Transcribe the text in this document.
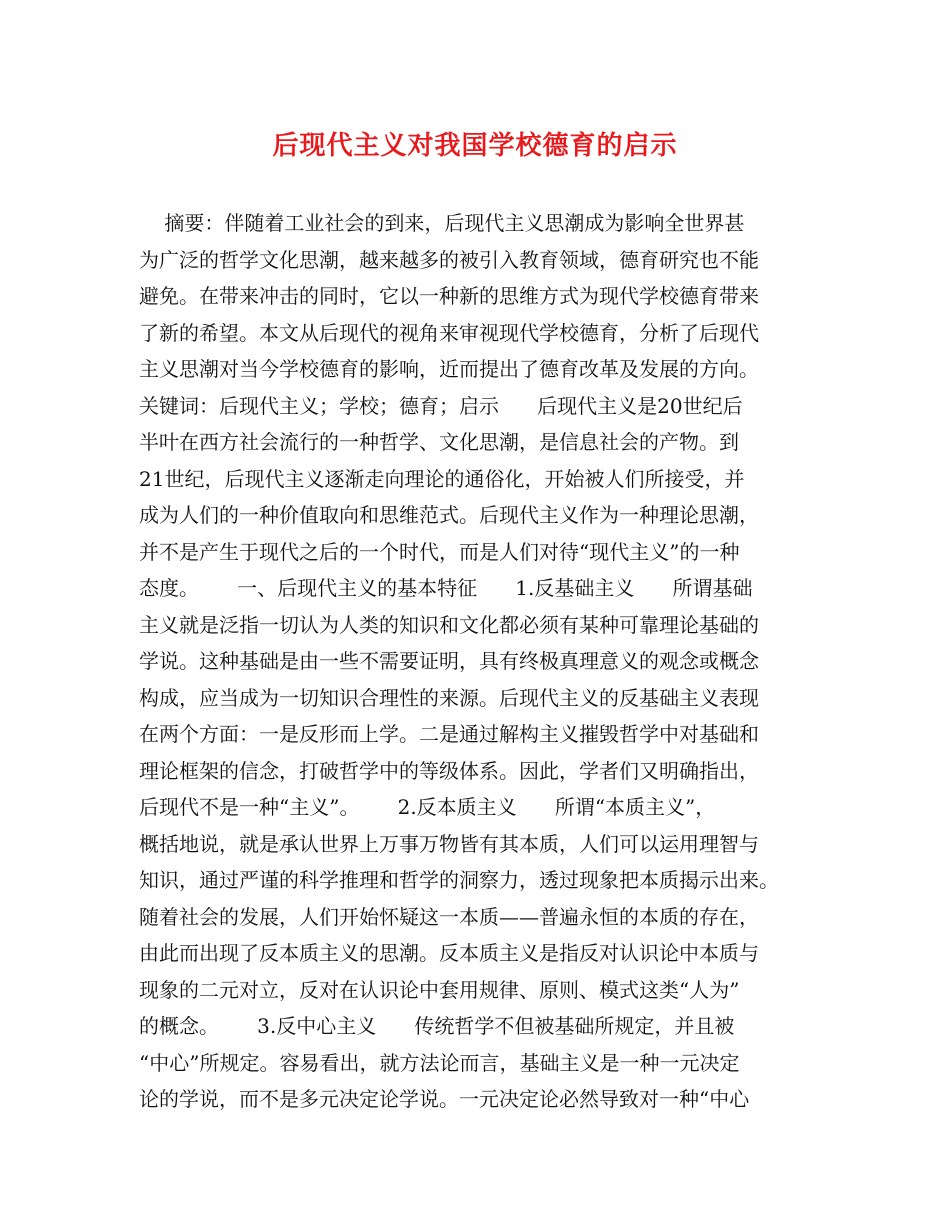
后现代主义对我国学校德育的启示
摘要：伴随着工业社会的到来，后现代主义思潮成为影响全世界甚
为广泛的哲学文化思潮，越来越多的被引入教育领域，德育研究也不能
避免。在带来冲击的同时，它以一种新的思维方式为现代学校德育带来
了新的希望。本文从后现代的视角来审视现代学校德育，分析了后现代
主义思潮对当今学校德育的影响，近而提出了德育改革及发展的方向。
关键词：后现代主义；学校；德育；启示      后现代主义是20世纪后
半叶在西方社会流行的一种哲学、文化思潮，是信息社会的产物。到
21世纪，后现代主义逐渐走向理论的通俗化，开始被人们所接受，并
成为人们的一种价值取向和思维范式。后现代主义作为一种理论思潮，
并不是产生于现代之后的一个时代，而是人们对待“现代主义”的一种
态度。      一、后现代主义的基本特征      1.反基础主义      所谓基础
主义就是泛指一切认为人类的知识和文化都必须有某种可靠理论基础的
学说。这种基础是由一些不需要证明，具有终极真理意义的观念或概念
构成，应当成为一切知识合理性的来源。后现代主义的反基础主义表现
在两个方面：一是反形而上学。二是通过解构主义摧毁哲学中对基础和
理论框架的信念，打破哲学中的等级体系。因此，学者们又明确指出，
后现代不是一种“主义”。      2.反本质主义      所谓“本质主义”，
概括地说，就是承认世界上万事万物皆有其本质，人们可以运用理智与
知识，通过严谨的科学推理和哲学的洞察力，透过现象把本质揭示出来。
随着社会的发展，人们开始怀疑这一本质——普遍永恒的本质的存在，
由此而出现了反本质主义的思潮。反本质主义是指反对认识论中本质与
现象的二元对立，反对在认识论中套用规律、原则、模式这类“人为”
的概念。      3.反中心主义      传统哲学不但被基础所规定，并且被
“中心”所规定。容易看出，就方法论而言，基础主义是一种一元决定
论的学说，而不是多元决定论学说。一元决定论必然导致对一种“中心
